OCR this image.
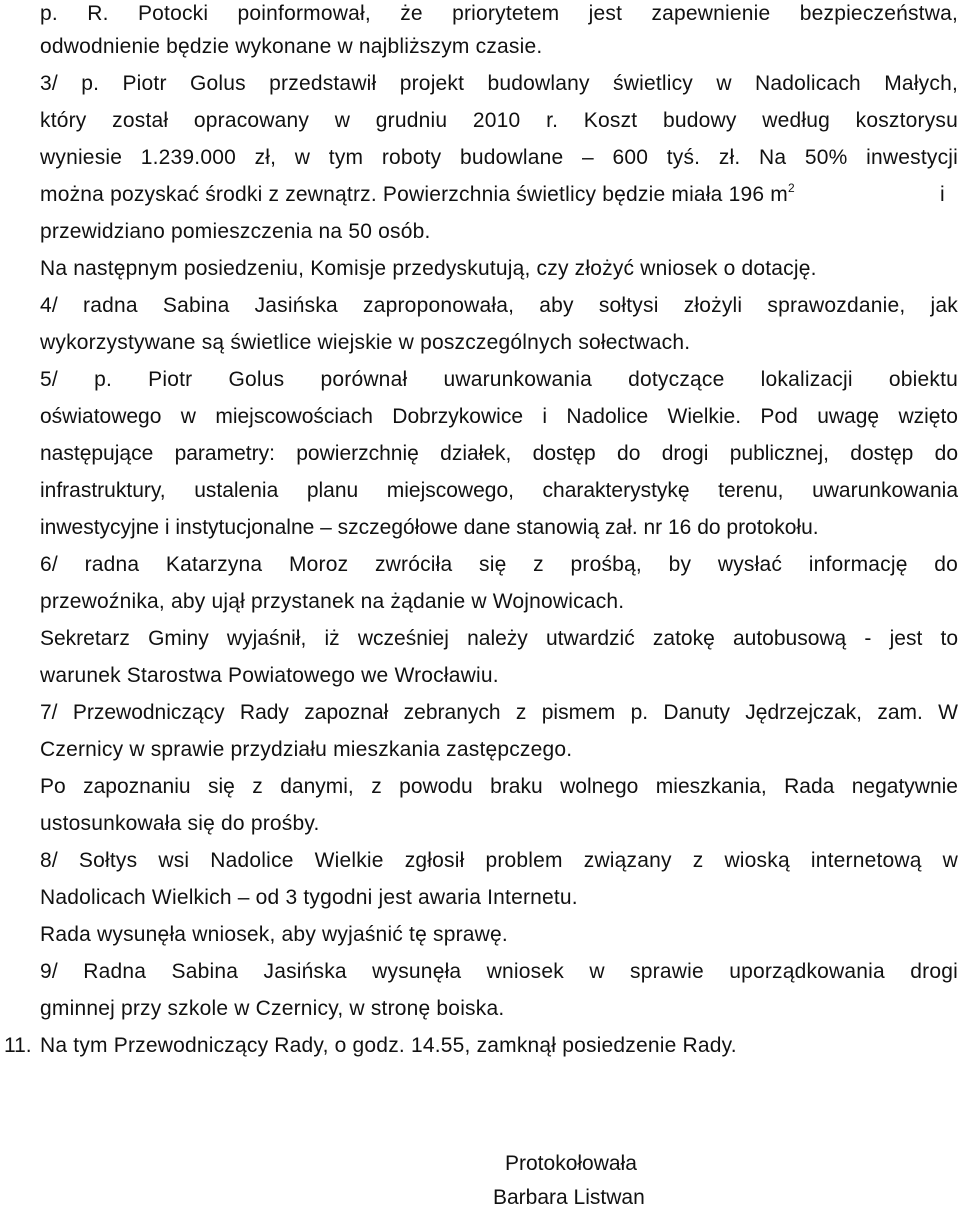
p. R. Potocki poinformował, że priorytetem jest zapewnienie bezpieczeństwa,
odwodnienie będzie wykonane w najbliższym czasie.
3/ p. Piotr Golus przedstawił projekt budowlany świetlicy w Nadolicach Małych,
który został opracowany w grudniu 2010 r. Koszt budowy według kosztorysu
wyniesie 1.239.000 zł, w tym roboty budowlane – 600 tyś. zł. Na 50% inwestycji
można pozyskać środki z zewnątrz. Powierzchnia świetlicy będzie miała 196 $m^2$	i
przewidziano pomieszczenia na 50 osób.
Na następnym posiedzeniu, Komisje przedyskutują, czy złożyć wniosek o dotację.
4/ radna Sabina Jasińska zaproponowała, aby sołtysi złożyli sprawozdanie, jak
wykorzystywane są świetlice wiejskie w poszczególnych sołectwach.
5/ p. Piotr Golus porównał uwarunkowania dotyczące lokalizacji obiektu
oświatowego w miejscowościach Dobrzykowice i Nadolice Wielkie. Pod uwagę wzięto
następujące parametry: powierzchnię działek, dostęp do drogi publicznej, dostęp do
infrastruktury, ustalenia planu miejscowego, charakterystykę terenu, uwarunkowania
inwestycyjne i instytucjonalne – szczegółowe dane stanowią zał. nr 16 do protokołu.
6/ radna Katarzyna Moroz zwróciła się z prośbą, by wysłać informację do
przewoźnika, aby ujął przystanek na żądanie w Wojnowicach.
Sekretarz Gminy wyjaśnił, iż wcześniej należy utwardzić zatokę autobusową - jest to
warunek Starostwa Powiatowego we Wrocławiu.
7/ Przewodniczący Rady zapoznał zebranych z pismem p. Danuty Jędrzejczak, zam. W
Czernicy w sprawie przydziału mieszkania zastępczego.
Po zapoznaniu się z danymi, z powodu braku wolnego mieszkania, Rada negatywnie
ustosunkowała się do prośby.
8/ Sołtys wsi Nadolice Wielkie zgłosił problem związany z wioską internetową w
Nadolicach Wielkich – od 3 tygodni jest awaria Internetu.
Rada wysunęła wniosek, aby wyjaśnić tę sprawę.
9/ Radna Sabina Jasińska wysunęła wniosek w sprawie uporządkowania drogi
gminnej przy szkole w Czernicy, w stronę boiska.
11. Na tym Przewodniczący Rady, o godz. 14.55, zamknął posiedzenie Rady.
Protokołowała
Barbara Listwan
